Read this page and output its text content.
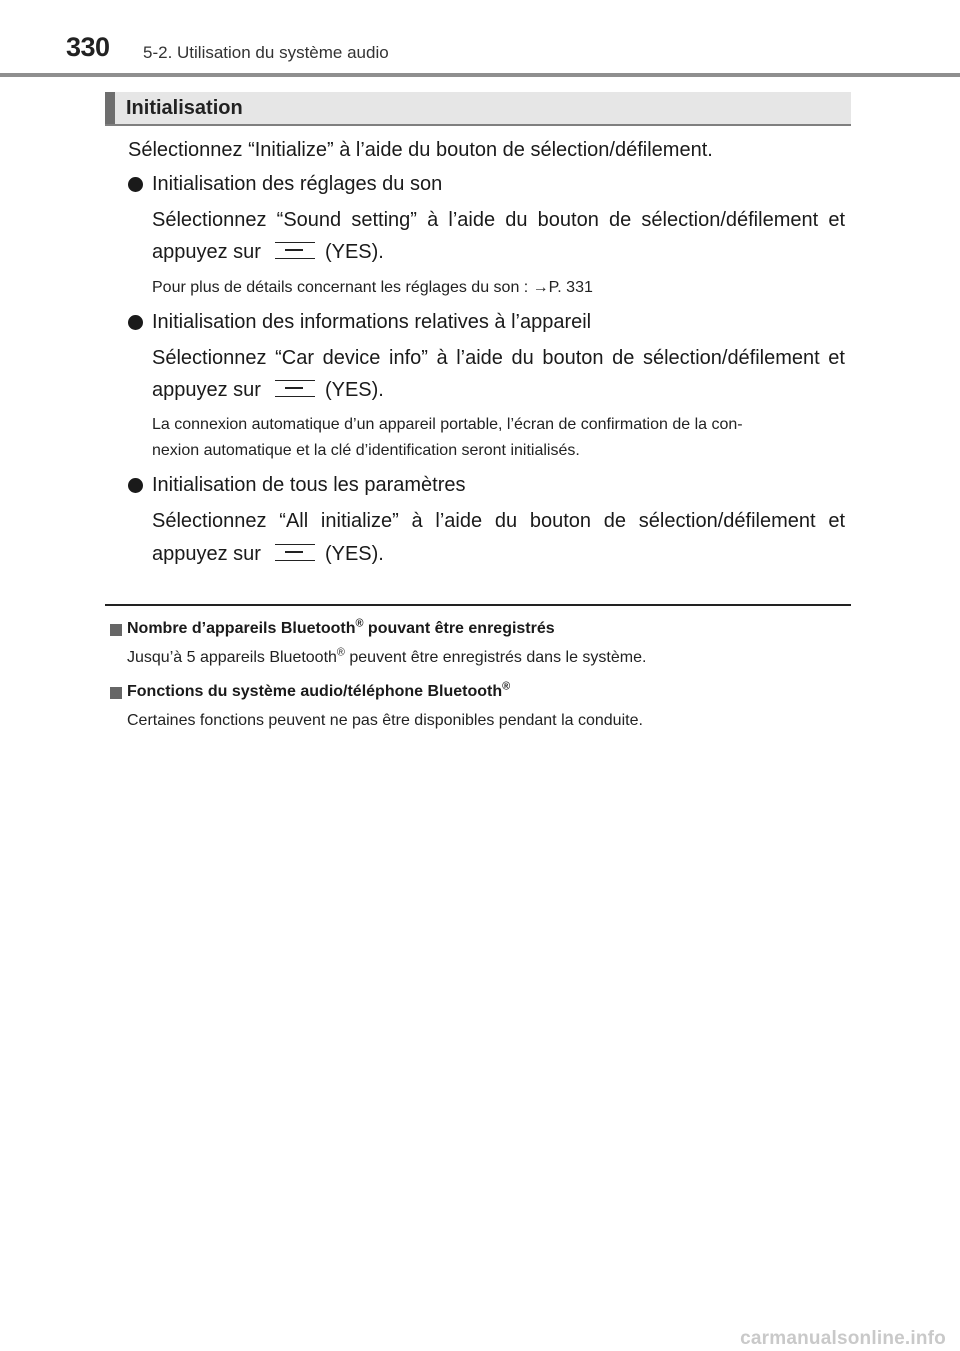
330 5-2. Utilisation du système audio
Initialisation

Sélectionnez “Initialize” à l’aide du bouton de sélection/défilement.

Initialisation des réglages du son

Sélectionnez “Sound setting” à l’aide du bouton de sélection/défilement et

appuyez sur	(YES).

Pour plus de détails concernant les réglages du son : →P. 331

Initialisation des informations relatives à l’appareil

Sélectionnez “Car device info” à l’aide du bouton de sélection/défilement et

appuyez sur	(YES).

La connexion automatique d’un appareil portable, l’écran de confirmation de la con-

nexion automatique et la clé d’identification seront initialisés.

Initialisation de tous les paramètres

Sélectionnez “All initialize” à l’aide du bouton de sélection/défilement et

appuyez sur	(YES).

Nombre d’appareils Bluetooth® pouvant être enregistrés

Jusqu’à 5 appareils Bluetooth® peuvent être enregistrés dans le système.

Fonctions du système audio/téléphone Bluetooth®

Certaines fonctions peuvent ne pas être disponibles pendant la conduite.

carmanualsonline.info
